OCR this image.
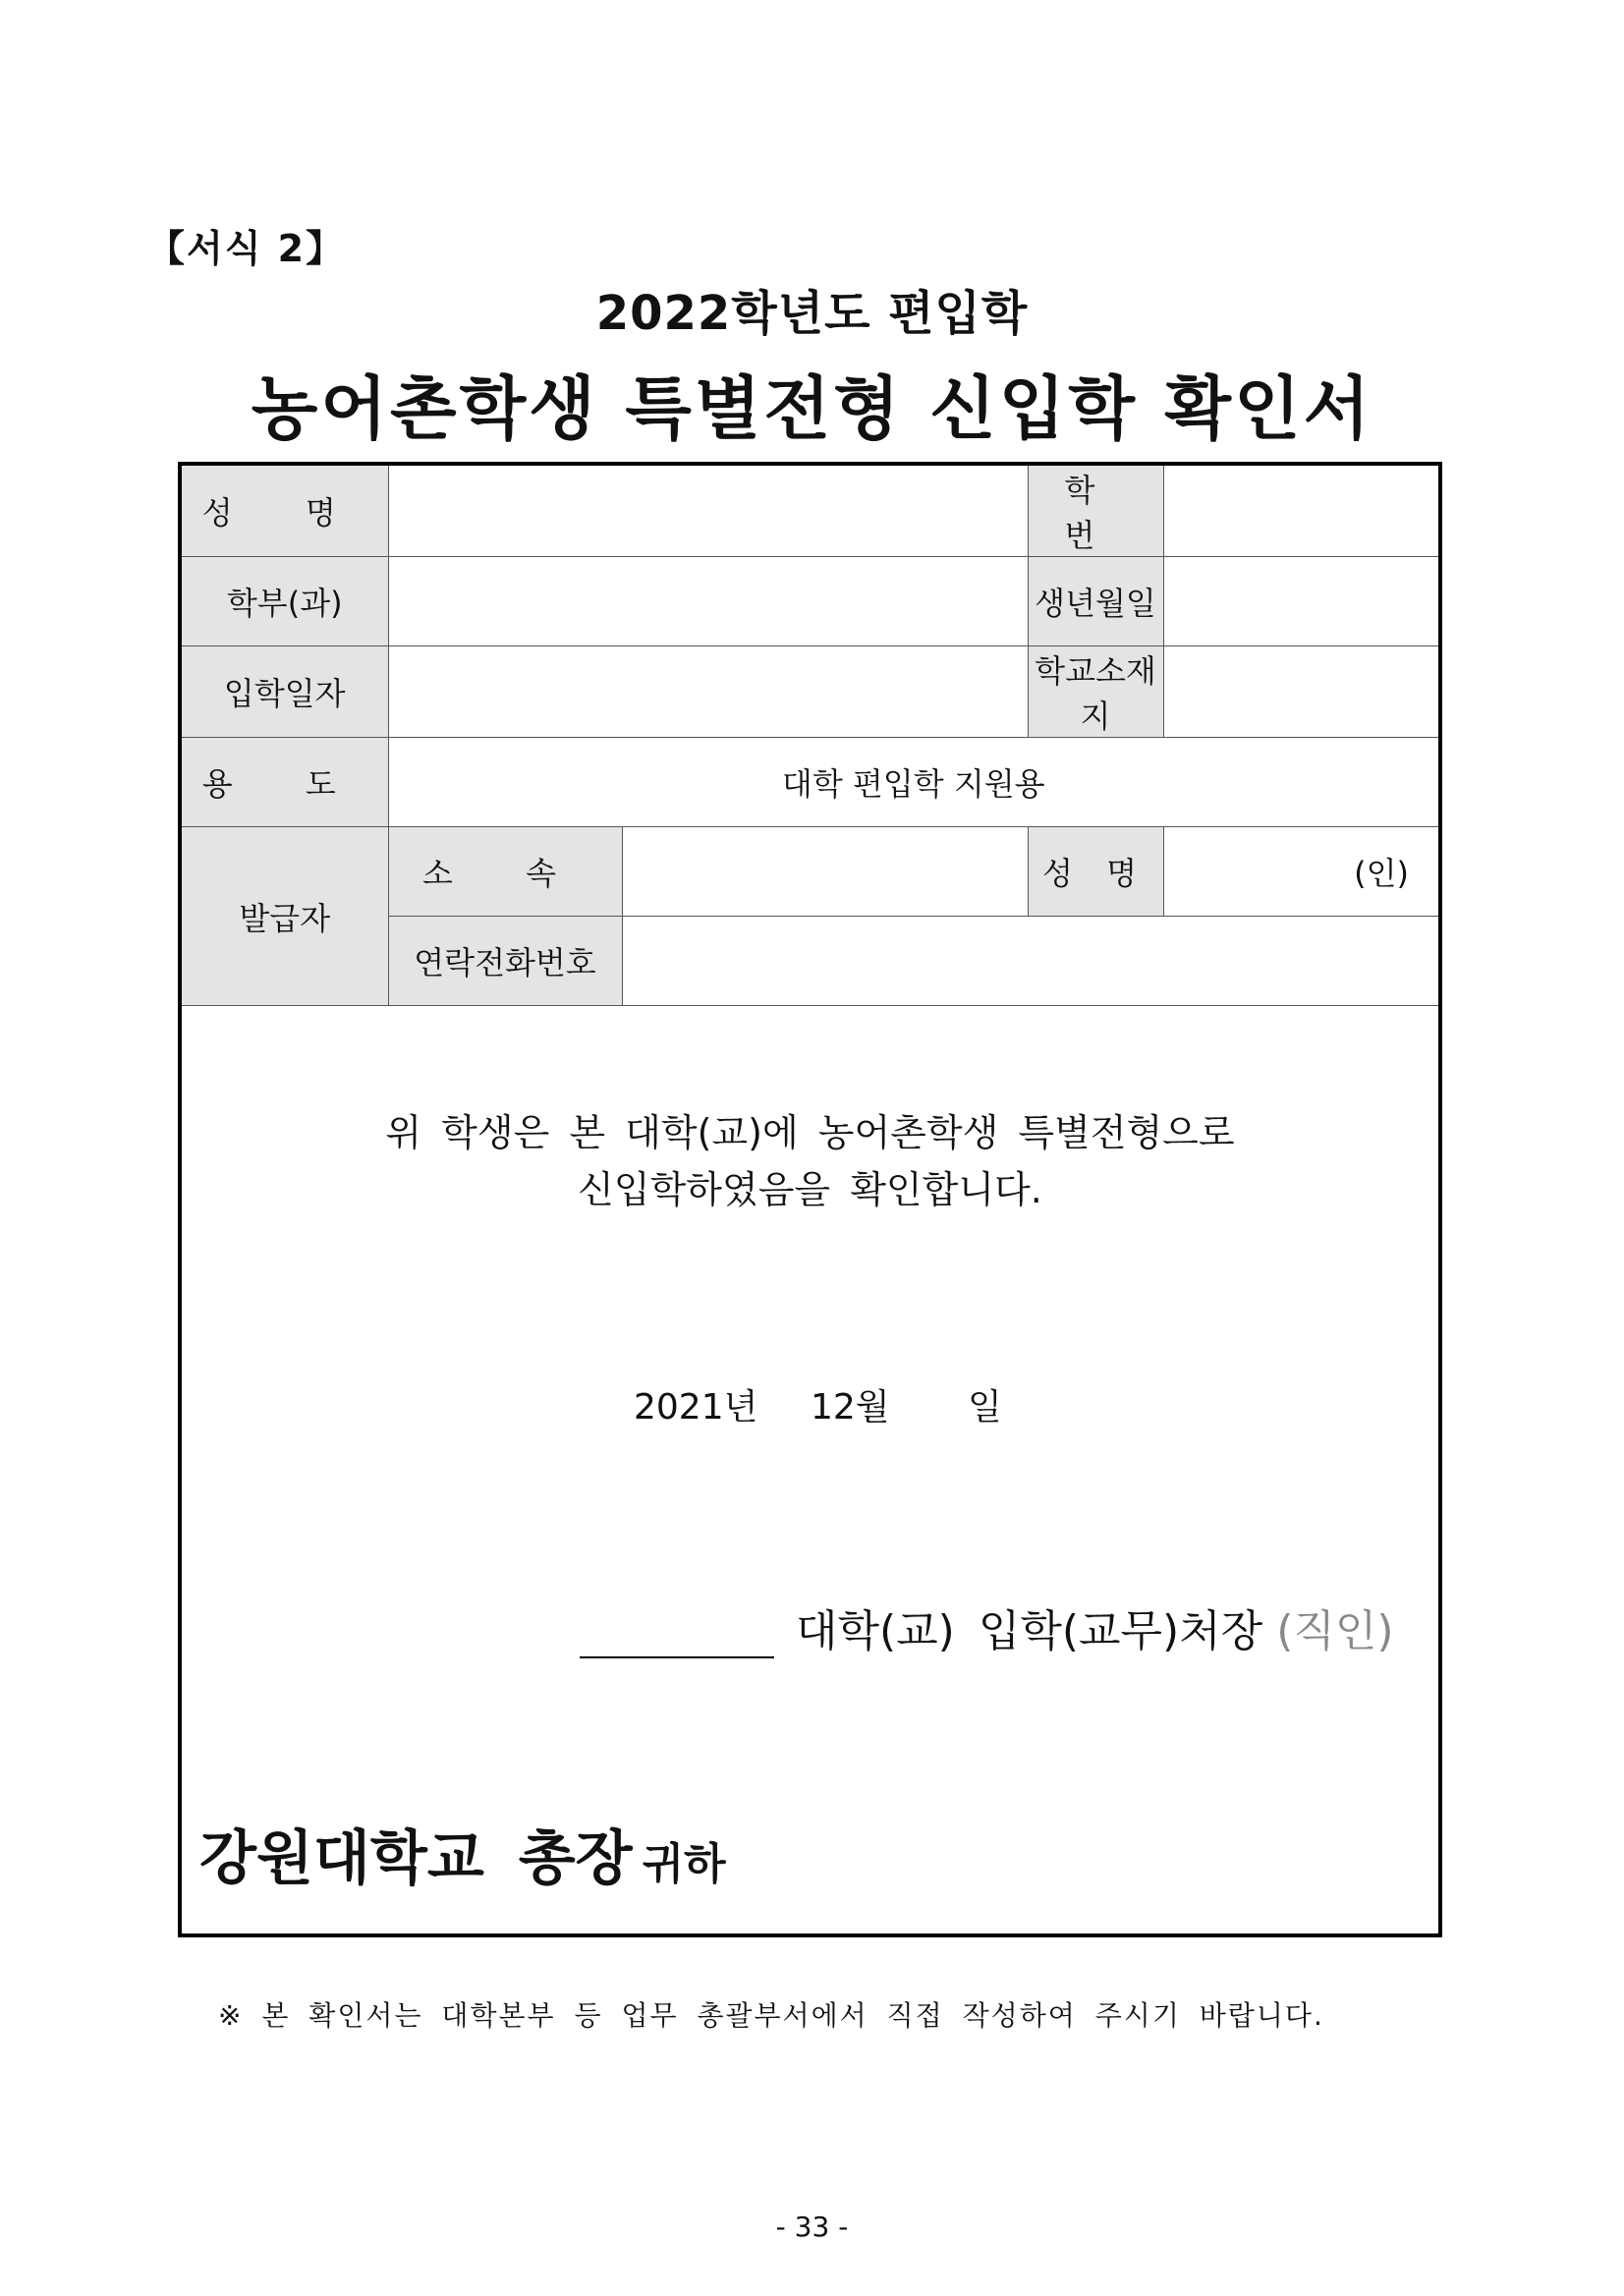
【서식 2】
2022학년도 편입학
농어촌학생 특별전형 신입학 확인서
성 명			학 번	
학부(과)			생년월일	
입학일자			학교소재지	
용 도	대학 편입학 지원용			
발급자	소 속		성 명	(인)
	연락전화번호			
위 학생은 본 대학(교)에 농어촌학생 특별전형으로
신입학하였음을 확인합니다.
2021년 12월 일
대학(교) 입학(교무)처장 (직인)
강원대학교 총장 귀하
※ 본 확인서는 대학본부 등 업무 총괄부서에서 직접 작성하여 주시기 바랍니다.
- 33 -
